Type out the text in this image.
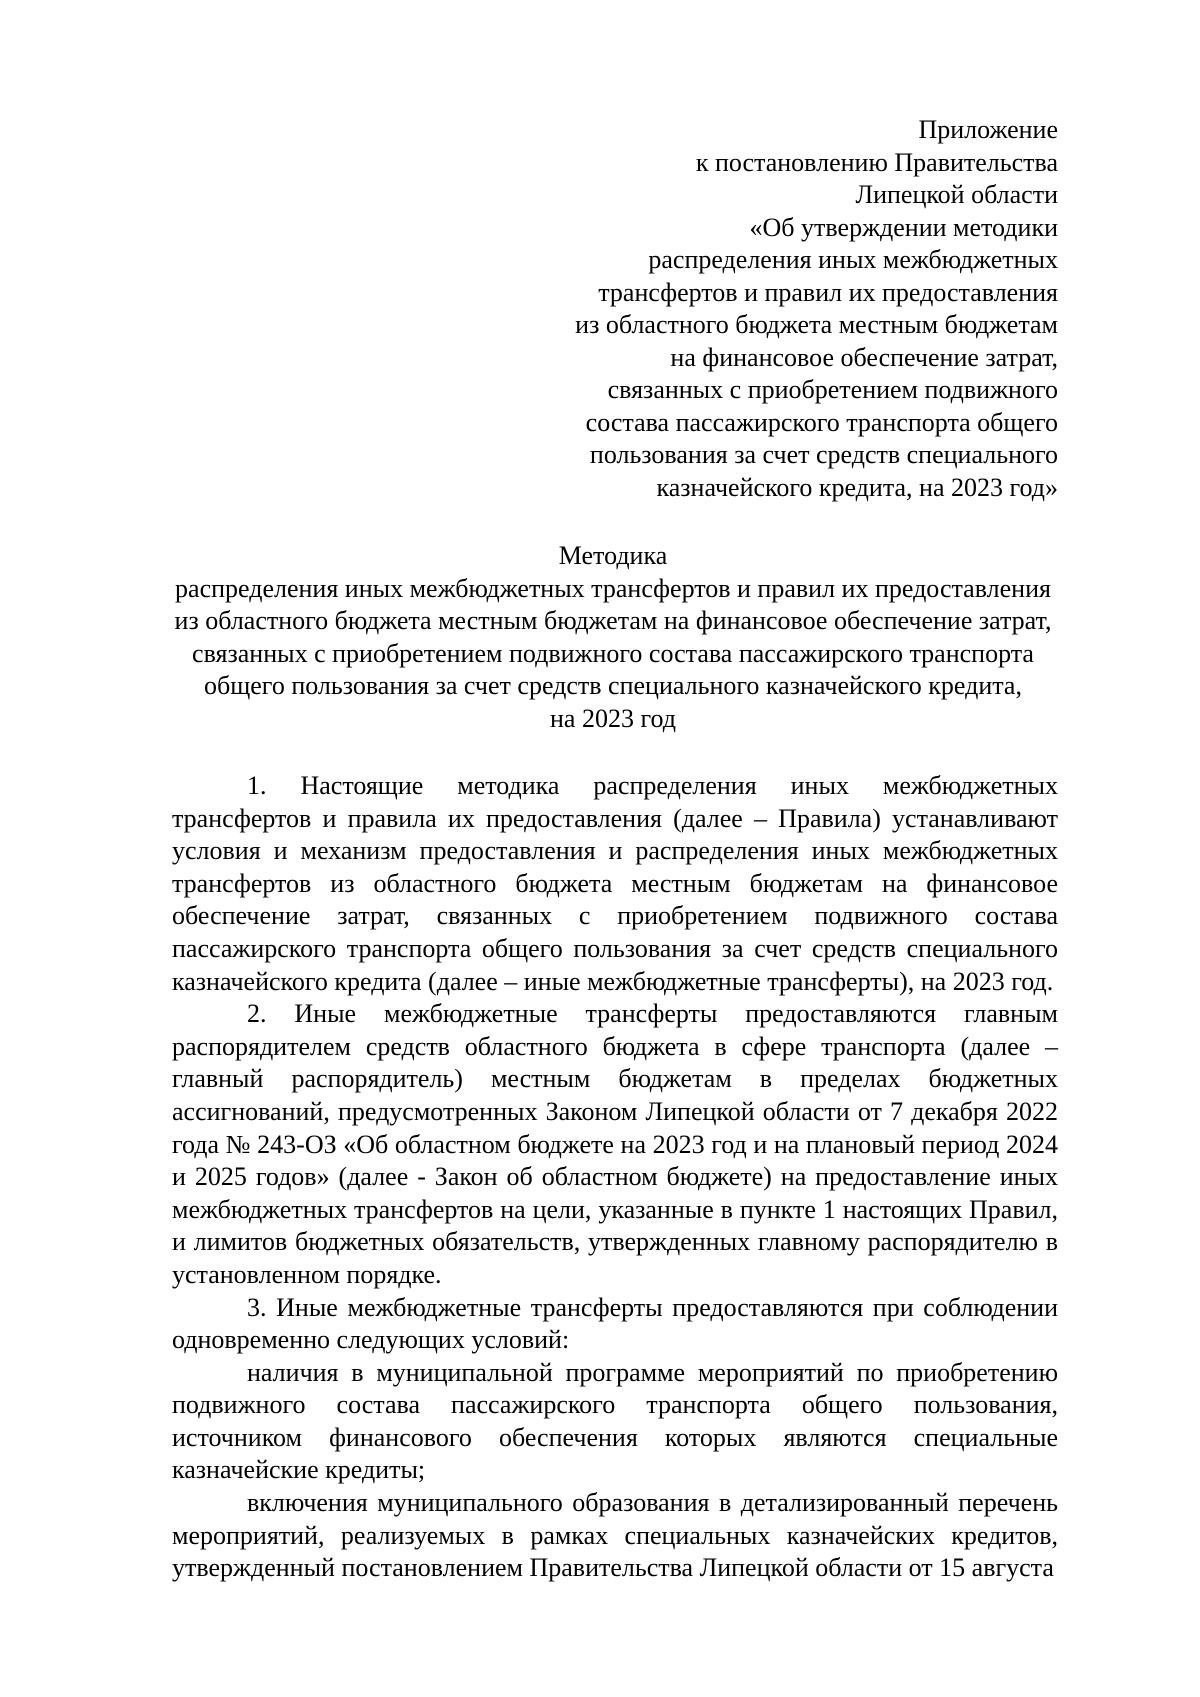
Приложение
к постановлению Правительства
Липецкой области
«Об утверждении методики
распределения иных межбюджетных
трансфертов и правил их предоставления
из областного бюджета местным бюджетам
на финансовое обеспечение затрат,
связанных с приобретением подвижного
состава пассажирского транспорта общего
пользования за счет средств специального
казначейского кредита, на 2023 год»
Методика
распределения иных межбюджетных трансфертов и правил их предоставления
из областного бюджета местным бюджетам на финансовое обеспечение затрат,
связанных с приобретением подвижного состава пассажирского транспорта
общего пользования за счет средств специального казначейского кредита,
на 2023 год

1. Настоящие методика распределения иных межбюджетных трансфертов и правила их предоставления (далее – Правила) устанавливают условия и механизм предоставления и распределения иных межбюджетных трансфертов из областного бюджета местным бюджетам на финансовое обеспечение затрат, связанных с приобретением подвижного состава пассажирского транспорта общего пользования за счет средств специального казначейского кредита (далее – иные межбюджетные трансферты), на 2023 год.

2. Иные межбюджетные трансферты предоставляются главным распорядителем средств областного бюджета в сфере транспорта (далее – главный распорядитель) местным бюджетам в пределах бюджетных ассигнований, предусмотренных Законом Липецкой области от 7 декабря 2022 года № 243-ОЗ «Об областном бюджете на 2023 год и на плановый период 2024 и 2025 годов» (далее - Закон об областном бюджете) на предоставление иных межбюджетных трансфертов на цели, указанные в пункте 1 настоящих Правил, и лимитов бюджетных обязательств, утвержденных главному распорядителю в установленном порядке.

3. Иные межбюджетные трансферты предоставляются при соблюдении одновременно следующих условий:

наличия в муниципальной программе мероприятий по приобретению подвижного состава пассажирского транспорта общего пользования, источником финансового обеспечения которых являются специальные казначейские кредиты;

включения муниципального образования в детализированный перечень мероприятий, реализуемых в рамках специальных казначейских кредитов, утвержденный постановлением Правительства Липецкой области от 15 августа
